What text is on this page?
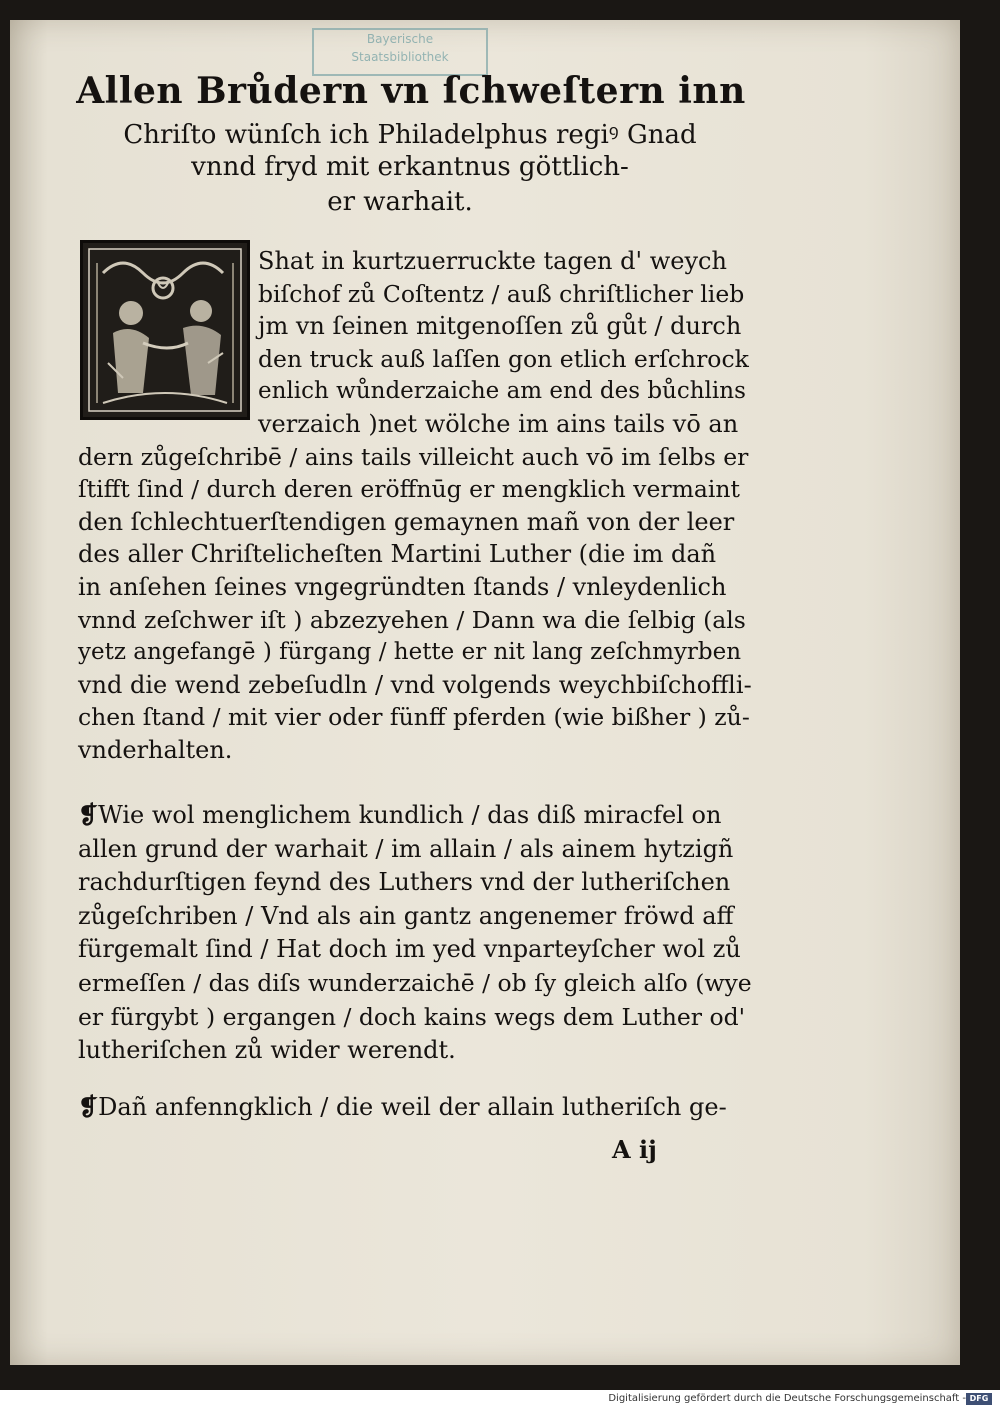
Bayerische
Staatsbibliothek
Allen Brůdern vn ſchweſtern inn
Chriſto wünſch ich Philadelphus regiꝰ Gnad
vnnd fryd mit erkantnus göttlich-
er warhait.
Shat in kurtzuerruckte tagen d' weych
biſchof zů Coſtentz / auß chriſtlicher lieb
jm vn ſeinen mitgenoſſen zů gůt / durch
den truck auß laſſen gon etlich erſchrock
enlich wůnderzaiche am end des bůchlins
verzaich )net wölche im ains tails vō an
dern zůgeſchribē / ains tails villeicht auch vō im ſelbs er
ſtifft ſind / durch deren eröffnūg er mengklich vermaint
den ſchlechtuerſtendigen gemaynen mañ von der leer
des aller Chriſtelicheſten Martini Luther (die im dañ
in anſehen ſeines vngegründten ſtands / vnleydenlich
vnnd zeſchwer iſt ) abzezyehen / Dann wa die ſelbig (als
yetz angefangē ) fürgang / hette er nit lang zeſchmyrben
vnd die wend zebeſudln / vnd volgends weychbiſchoffli-
chen ſtand / mit vier oder fünff pferden (wie bißher ) zů-
vnderhalten.
❡Wie wol menglichem kundlich / das diß miracfel on
allen grund der warhait / im allain / als ainem hytzigñ
rachdurſtigen feynd des Luthers vnd der lutheriſchen
zůgeſchriben / Vnd als ain gantz angenemer fröwd aff
fürgemalt ſind / Hat doch im yed vnparteyſcher wol zů
ermeſſen / das diſs wunderzaichē / ob ſy gleich alſo (wye
er fürgybt ) ergangen / doch kains wegs dem Luther od'
lutheriſchen zů wider werendt.
❡Dañ anfenngklich / die weil der allain lutheriſch ge-
A ij
Digitalisierung gefördert durch die Deutsche Forschungsgemeinschaft - DFG
